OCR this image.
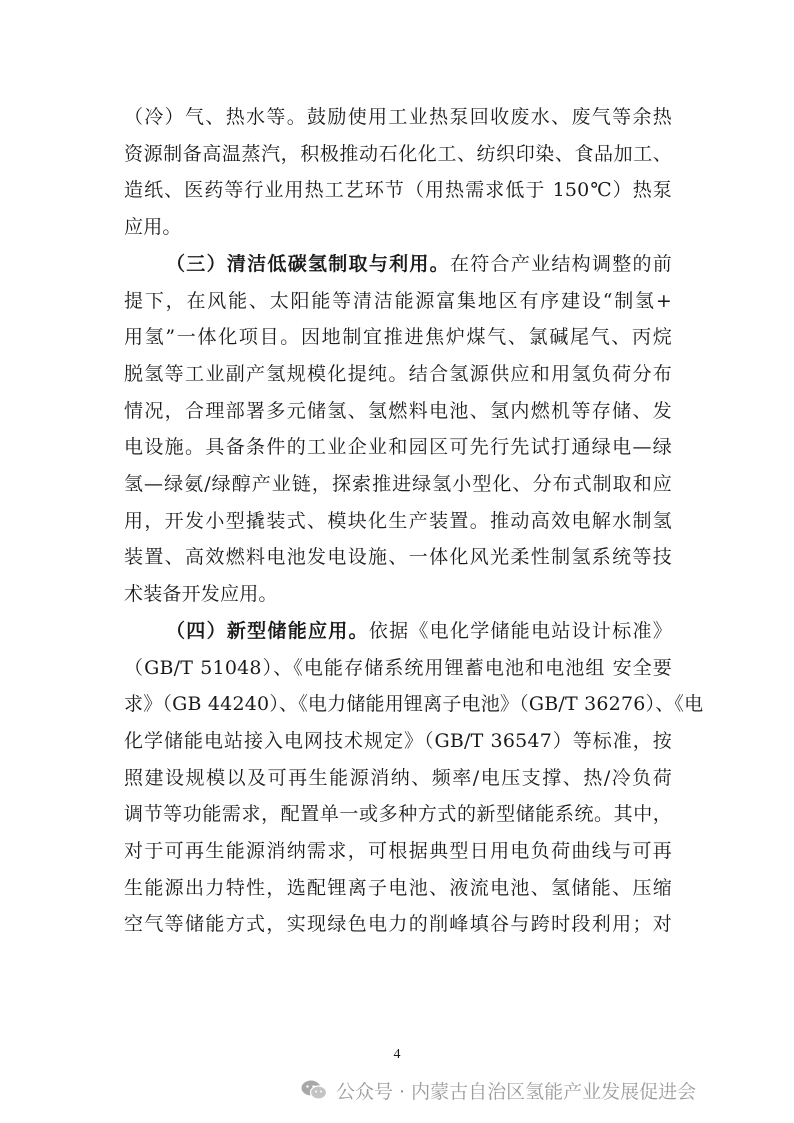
（冷）气、热水等。鼓励使用工业热泵回收废水、废气等余热
资源制备高温蒸汽，积极推动石化化工、纺织印染、食品加工、
造纸、医药等行业用热工艺环节（用热需求低于 150℃）热泵
应用。
（三）清洁低碳氢制取与利用。在符合产业结构调整的前
提下，在风能、太阳能等清洁能源富集地区有序建设“制氢+
用氢”一体化项目。因地制宜推进焦炉煤气、氯碱尾气、丙烷
脱氢等工业副产氢规模化提纯。结合氢源供应和用氢负荷分布
情况，合理部署多元储氢、氢燃料电池、氢内燃机等存储、发
电设施。具备条件的工业企业和园区可先行先试打通绿电—绿
氢—绿氨/绿醇产业链，探索推进绿氢小型化、分布式制取和应
用，开发小型撬装式、模块化生产装置。推动高效电解水制氢
装置、高效燃料电池发电设施、一体化风光柔性制氢系统等技
术装备开发应用。
（四）新型储能应用。依据《电化学储能电站设计标准》
（GB/T 51048）、《电能存储系统用锂蓄电池和电池组 安全要
求》（GB 44240）、《电力储能用锂离子电池》（GB/T 36276）、《电
化学储能电站接入电网技术规定》（GB/T 36547）等标准，按
照建设规模以及可再生能源消纳、频率/电压支撑、热/冷负荷
调节等功能需求，配置单一或多种方式的新型储能系统。其中，
对于可再生能源消纳需求，可根据典型日用电负荷曲线与可再
生能源出力特性，选配锂离子电池、液流电池、氢储能、压缩
空气等储能方式，实现绿色电力的削峰填谷与跨时段利用；对
4
公众号 · 内蒙古自治区氢能产业发展促进会
